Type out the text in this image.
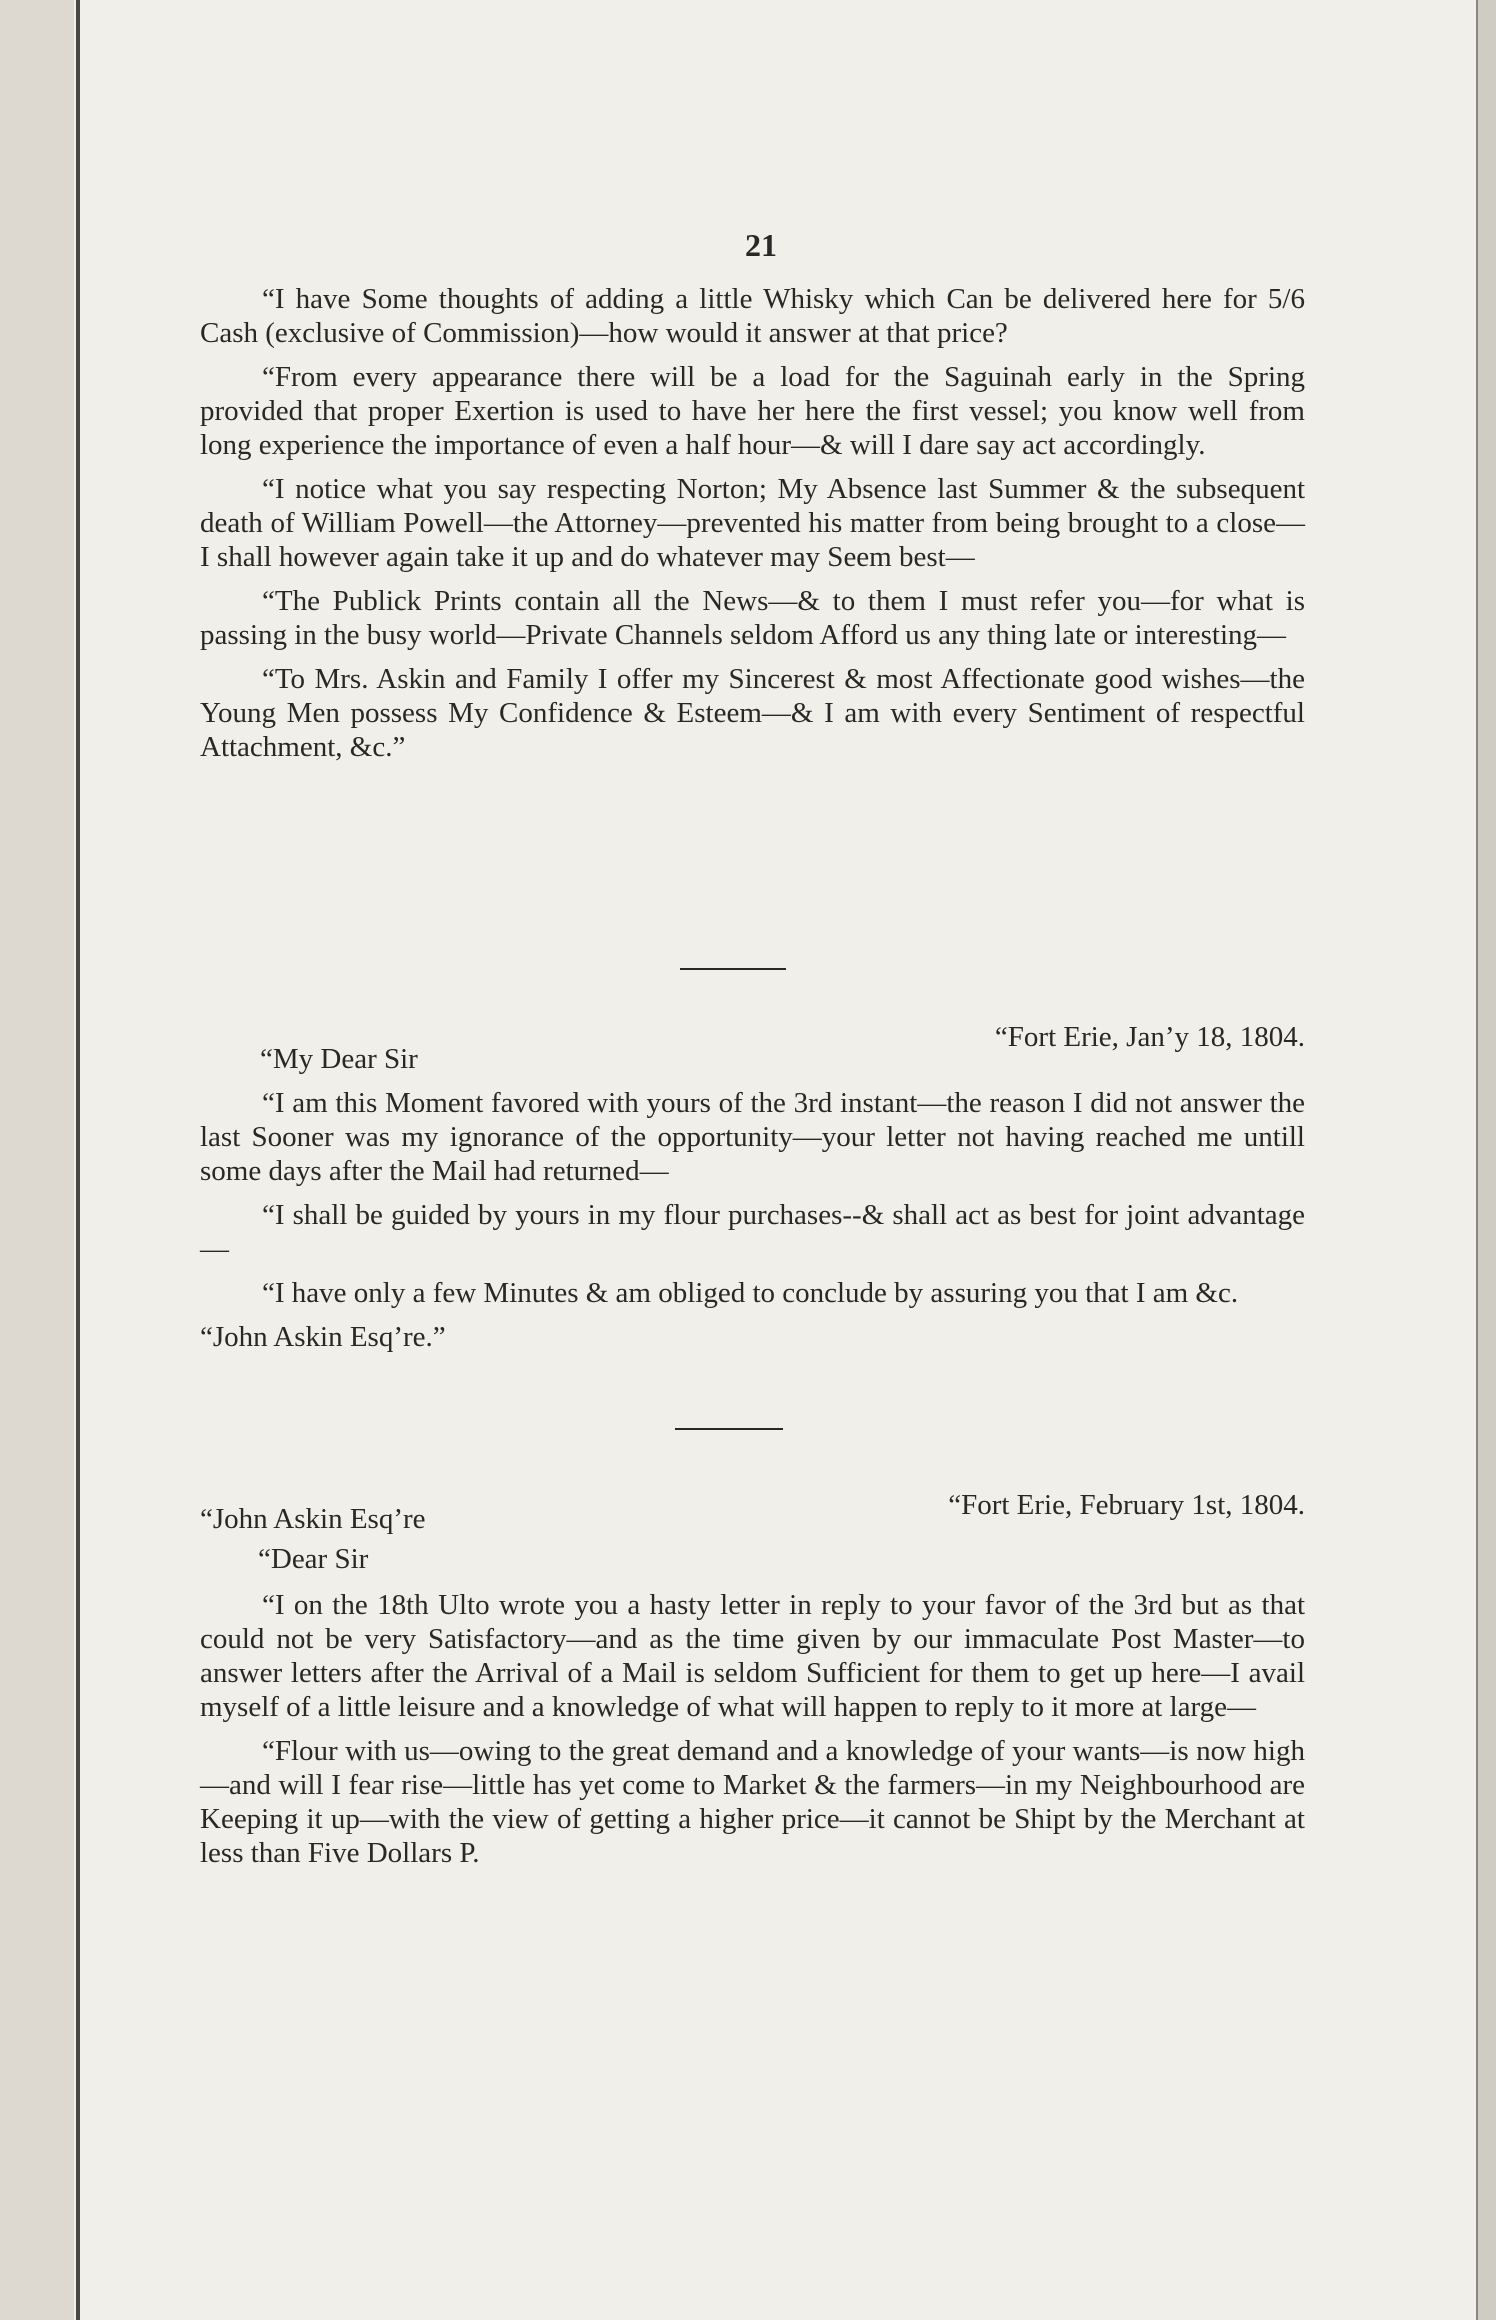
21

“I have Some thoughts of adding a little Whisky which Can be delivered here for 5/6 Cash (exclusive of Commission)—how would it answer at that price?

“From every appearance there will be a load for the Saguinah early in the Spring provided that proper Exertion is used to have her here the first vessel; you know well from long experience the importance of even a half hour—& will I dare say act accordingly.

“I notice what you say respecting Norton; My Absence last Summer & the subsequent death of William Powell—the Attorney—prevented his matter from being brought to a close—I shall however again take it up and do whatever may Seem best—

“The Publick Prints contain all the News—& to them I must refer you—for what is passing in the busy world—Private Channels seldom Afford us any thing late or interesting—

“To Mrs. Askin and Family I offer my Sincerest & most Affectionate good wishes—the Young Men possess My Confidence & Esteem—& I am with every Sentiment of respectful Attachment, &c.”

“Fort Erie, Jan’y 18, 1804.
“My Dear Sir

“I am this Moment favored with yours of the 3rd instant—the reason I did not answer the last Sooner was my ignorance of the opportunity—your letter not having reached me untill some days after the Mail had returned—

“I shall be guided by yours in my flour purchases--& shall act as best for joint advantage—

“I have only a few Minutes & am obliged to conclude by assuring you that I am &c.

“John Askin Esq’re.”

“Fort Erie, February 1st, 1804.
“John Askin Esq’re
“Dear Sir

“I on the 18th Ulto wrote you a hasty letter in reply to your favor of the 3rd but as that could not be very Satisfactory—and as the time given by our immaculate Post Master—to answer letters after the Arrival of a Mail is seldom Sufficient for them to get up here—I avail myself of a little leisure and a knowledge of what will happen to reply to it more at large—

“Flour with us—owing to the great demand and a knowledge of your wants—is now high—and will I fear rise—little has yet come to Market & the farmers—in my Neighbourhood are Keeping it up—with the view of getting a higher price—it cannot be Shipt by the Merchant at less than Five Dollars P.
